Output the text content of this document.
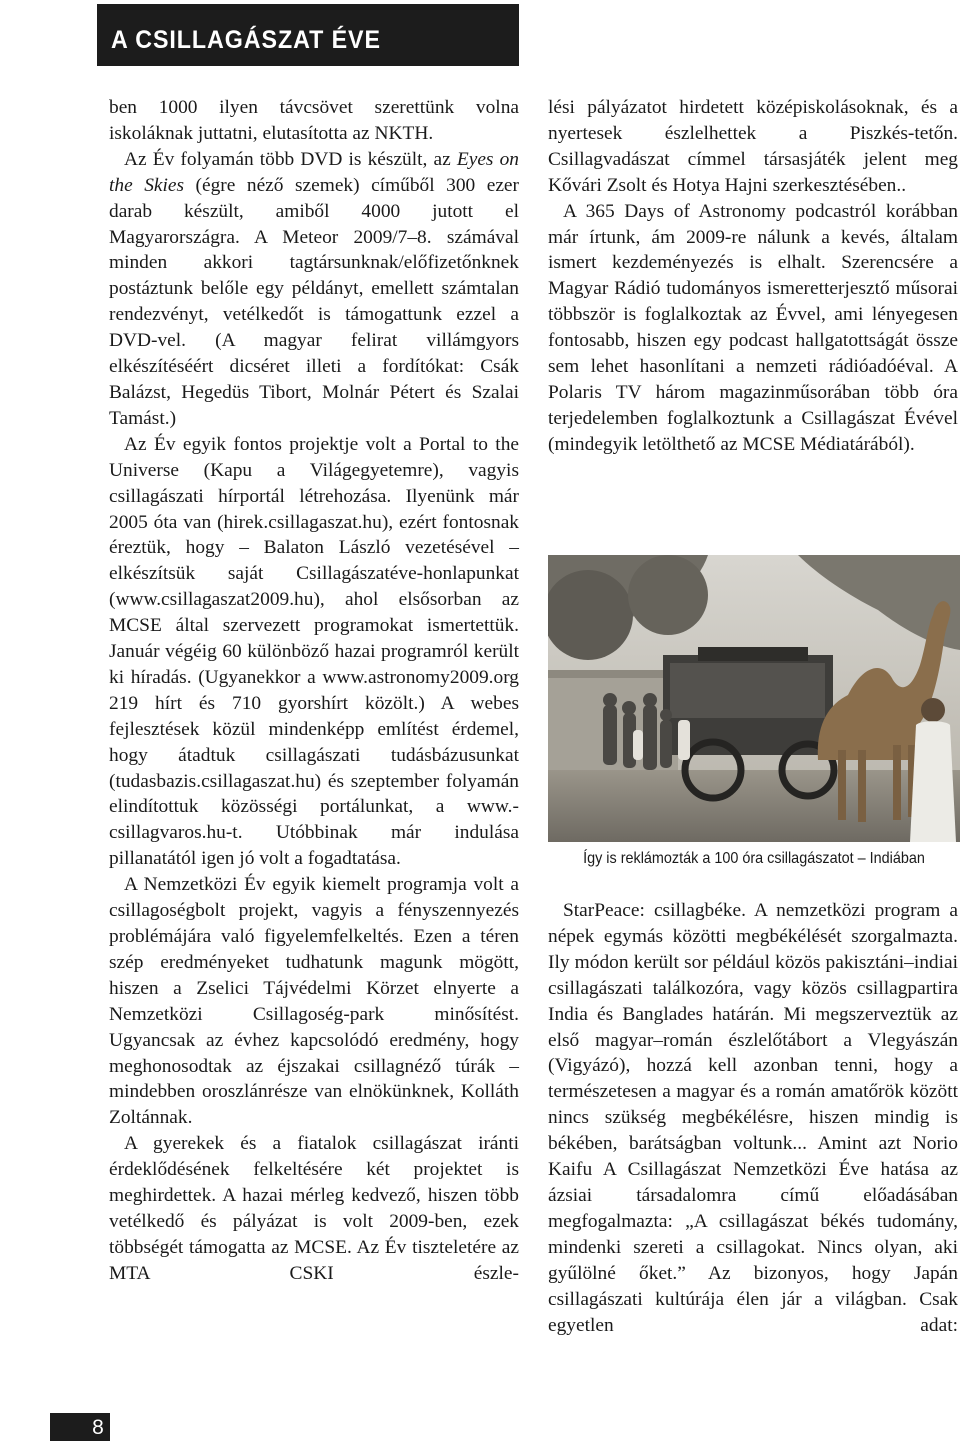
A CSILLAGÁSZAT ÉVE

ben 1000 ilyen távcsövet szerettünk volna iskoláknak juttatni, elutasította az NKTH.

Az Év folyamán több DVD is készült, az Eyes on the Skies (égre néző szemek) címűből 300 ezer darab készült, amiből 4000 jutott el Magyarországra. A Meteor 2009/7–8. számával minden akkori tagtársunknak/előfizetőnknek postáztunk belőle egy példányt, emellett számtalan rendezvényt, vetélkedőt is támogattunk ezzel a DVD-vel. (A magyar felirat villámgyors elkészítéséért dicséret illeti a fordítókat: Csák Balázst, Hegedüs Tibort, Molnár Pétert és Szalai Tamást.)

Az Év egyik fontos projektje volt a Portal to the Universe (Kapu a Világegyetemre), vagyis csillagászati hírportál létrehozása. Ilyenünk már 2005 óta van (hirek.csillagaszat.hu), ezért fontosnak éreztük, hogy – Balaton László vezetésével – elkészítsük saját Csillagászatéve-honlapunkat (www.csillagaszat2009.hu), ahol elsősorban az MCSE által szervezett programokat ismertettük. Január végéig 60 különböző hazai programról került ki híradás. (Ugyanekkor a www.astronomy2009.org 219 hírt és 710 gyorshírt közölt.) A webes fejlesztések közül mindenképp említést érdemel, hogy átadtuk csillagászati tudásbázusunkat (tudasbazis.csillagaszat.hu) és szeptember folyamán elindítottuk közösségi portálunkat, a www.csillagvaros.hu-t. Utóbbinak már indulása pillanatától igen jó volt a fogadtatása.

A Nemzetközi Év egyik kiemelt programja volt a csillagoségbolt projekt, vagyis a fényszennyezés problémájára való figyelemfelkeltés. Ezen a téren szép eredményeket tudhatunk magunk mögött, hiszen a Zselici Tájvédelmi Körzet elnyerte a Nemzetközi Csillagoség-park minősítést. Ugyancsak az évhez kapcsolódó eredmény, hogy meghonosodtak az éjszakai csillagnéző túrák – mindebben oroszlánrésze van elnökünknek, Kolláth Zoltánnak.

A gyerekek és a fiatalok csillagászat iránti érdeklődésének felkeltésére két projektet is meghirdettek. A hazai mérleg kedvező, hiszen több vetélkedő és pályázat is volt 2009-ben, ezek többségét támogatta az MCSE. Az Év tiszteletére az MTA CSKI észle-

lési pályázatot hirdetett középiskolásoknak, és a nyertesek észlelhettek a Piszkés-tetőn. Csillagvadászat címmel társasjáték jelent meg Kővári Zsolt és Hotya Hajni szerkesztésében..

A 365 Days of Astronomy podcastról korábban már írtunk, ám 2009-re nálunk a kevés, általam ismert kezdeményezés is elhalt. Szerencsére a Magyar Rádió tudományos ismeretterjesztő műsorai többször is foglalkoztak az Évvel, ami lényegesen fontosabb, hiszen egy podcast hallgatottságát össze sem lehet hasonlítani a nemzeti rádióadóéval. A Polaris TV három magazinműsorában több óra terjedelemben foglalkoztunk a Csillagászat Évével (mindegyik letölthető az MCSE Médiatárából).

Így is reklámozták a 100 óra csillagászatot – Indiában

StarPeace: csillagbéke. A nemzetközi program a népek egymás közötti megbékélését szorgalmazta. Ily módon került sor például közös pakisztáni–indiai csillagászati találkozóra, vagy közös csillagpartira India és Banglades határán. Mi megszerveztük az első magyar–román észlelőtábort a Vlegyászán (Vigyázó), hozzá kell azonban tenni, hogy a természetesen a magyar és a román amatőrök között nincs szükség megbékélésre, hiszen mindig is békében, barátságban voltunk... Amint azt Norio Kaifu A Csillagászat Nemzetközi Éve hatása az ázsiai társadalomra című előadásában megfogalmazta: „A csillagászat békés tudomány, mindenki szereti a csillagokat. Nincs olyan, aki gyűlölné őket.” Az bizonyos, hogy Japán csillagászati kultúrája élen jár a világban. Csak egyetlen adat:

8
